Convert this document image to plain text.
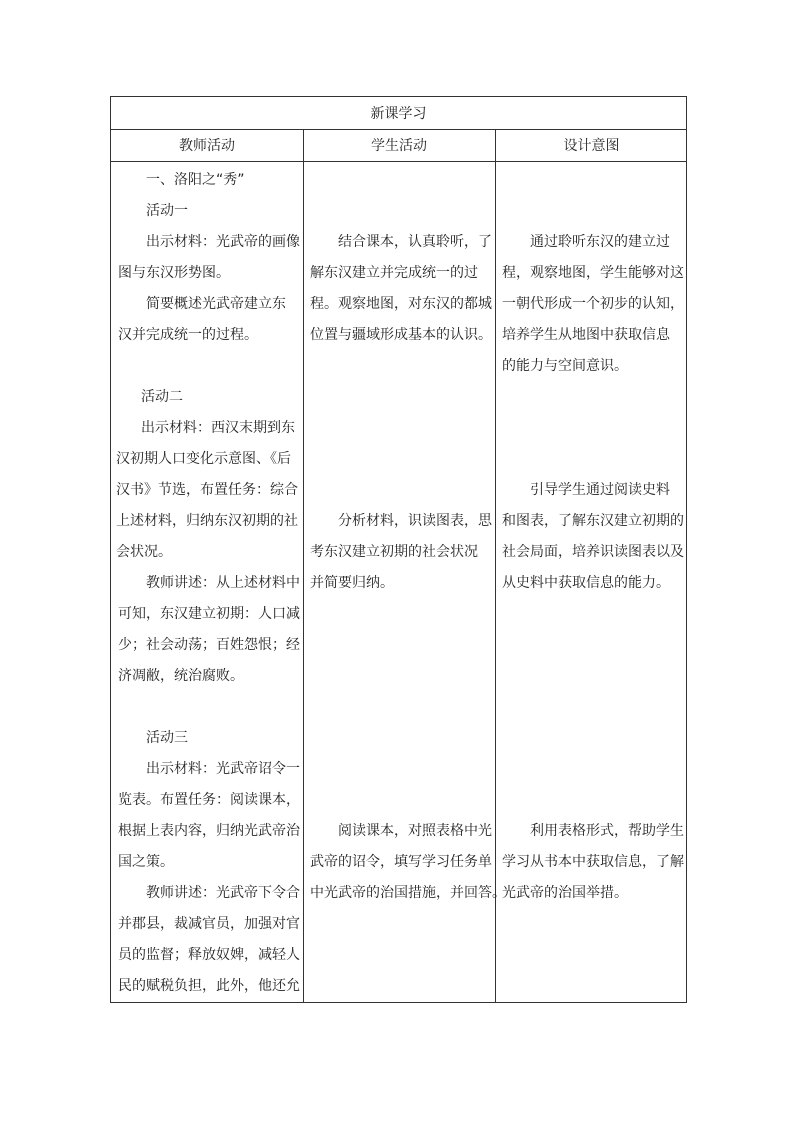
新课学习
教师活动	学生活动	设计意图
一、洛阳之“秀”
活动一
出示材料：光武帝的画像
图与东汉形势图。
简要概述光武帝建立东
汉并完成统一的过程。
活动二
出示材料：西汉末期到东
汉初期人口变化示意图、《后
汉书》节选，布置任务：综合
上述材料，归纳东汉初期的社
会状况。
教师讲述：从上述材料中
可知，东汉建立初期：人口减
少；社会动荡；百姓怨恨；经
济凋敝，统治腐败。
活动三
出示材料：光武帝诏令一
览表。布置任务：阅读课本，
根据上表内容，归纳光武帝治
国之策。
教师讲述：光武帝下令合
并郡县，裁减官员，加强对官
员的监督；释放奴婢，减轻人
民的赋税负担，此外，他还允
结合课本，认真聆听，了
解东汉建立并完成统一的过
程。观察地图，对东汉的都城
位置与疆域形成基本的认识。
分析材料，识读图表，思
考东汉建立初期的社会状况
并简要归纳。
阅读课本，对照表格中光
武帝的诏令，填写学习任务单
中光武帝的治国措施，并回答。
通过聆听东汉的建立过
程，观察地图，学生能够对这
一朝代形成一个初步的认知，
培养学生从地图中获取信息
的能力与空间意识。
引导学生通过阅读史料
和图表，了解东汉建立初期的
社会局面，培养识读图表以及
从史料中获取信息的能力。
利用表格形式，帮助学生
学习从书本中获取信息，了解
光武帝的治国举措。
